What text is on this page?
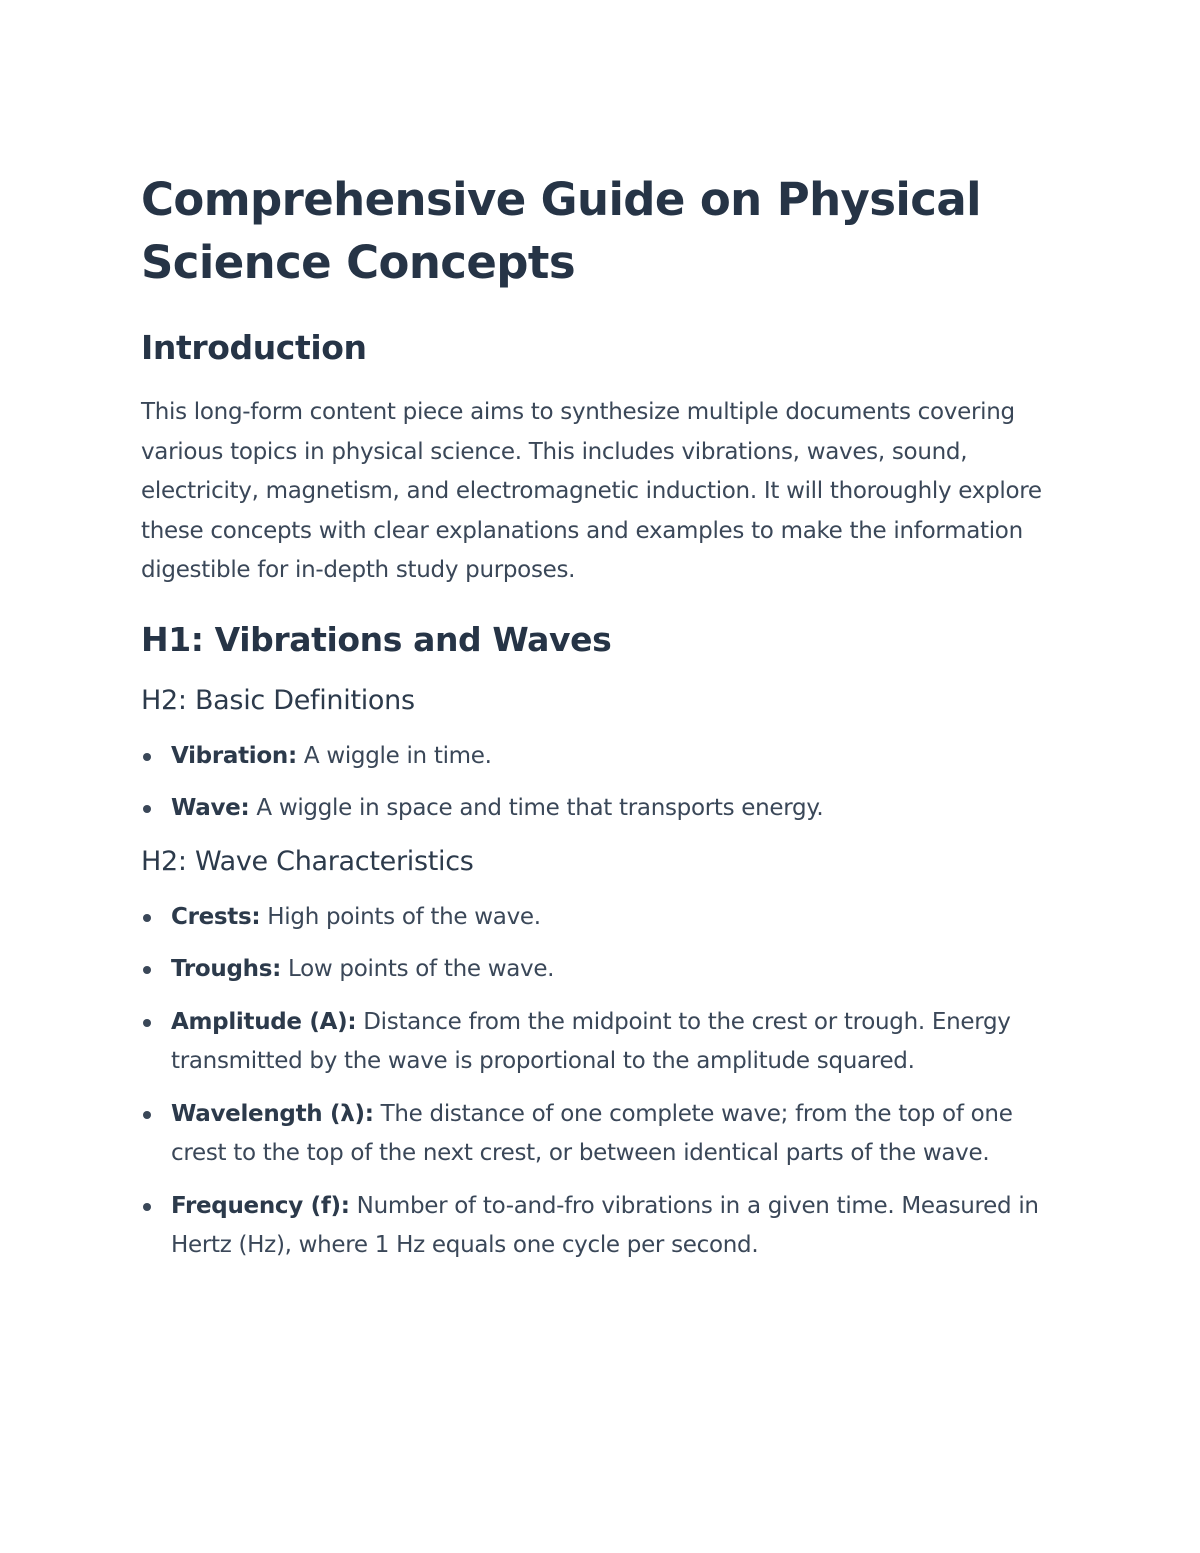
Comprehensive Guide on Physical
Science Concepts
Introduction

This long-form content piece aims to synthesize multiple documents covering various topics in physical science. This includes vibrations, waves, sound, electricity, magnetism, and electromagnetic induction. It will thoroughly explore these concepts with clear explanations and examples to make the information digestible for in-depth study purposes.

H1: Vibrations and Waves
H2: Basic Definitions
Vibration: A wiggle in time.
Wave: A wiggle in space and time that transports energy.
H2: Wave Characteristics
Crests: High points of the wave.
Troughs: Low points of the wave.
Amplitude (A): Distance from the midpoint to the crest or trough. Energy transmitted by the wave is proportional to the amplitude squared.
Wavelength (λ): The distance of one complete wave; from the top of one crest to the top of the next crest, or between identical parts of the wave.
Frequency (f): Number of to-and-fro vibrations in a given time. Measured in Hertz (Hz), where 1 Hz equals one cycle per second.
